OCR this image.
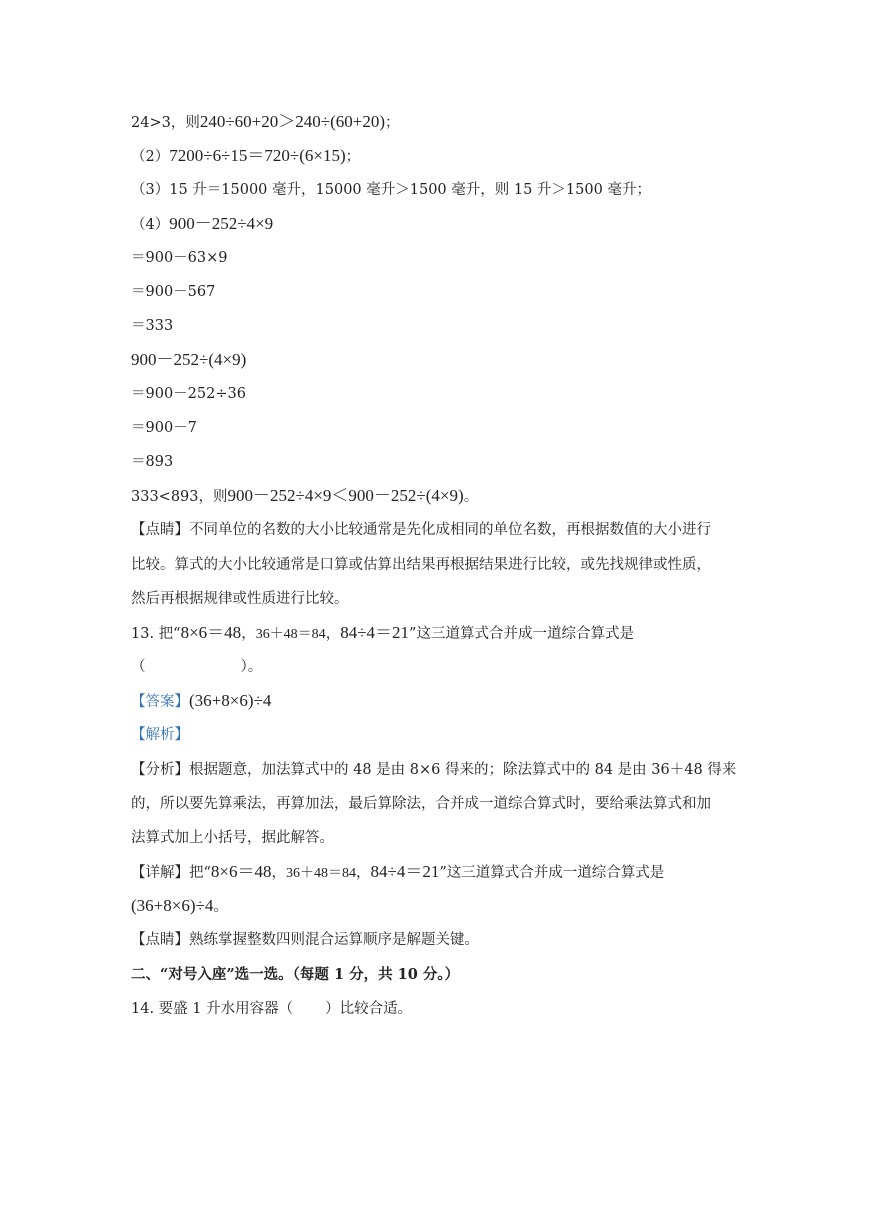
24>3，则240÷60+20＞240÷(60+20)；
（2）7200÷6÷15＝720÷(6×15)；
（3）15 升＝15000 毫升，15000 毫升＞1500 毫升，则 15 升＞1500 毫升；
（4）900－252÷4×9
＝900－63×9
＝900－567
＝333
900－252÷(4×9)
＝900－252÷36
＝900－7
＝893
333<893，则900－252÷4×9＜900－252÷(4×9)。
【点睛】不同单位的名数的大小比较通常是先化成相同的单位名数，再根据数值的大小进行
比较。算式的大小比较通常是口算或估算出结果再根据结果进行比较，或先找规律或性质，
然后再根据规律或性质进行比较。
13. 把“8×6＝48，36＋48＝84，84÷4＝21”这三道算式合并成一道综合算式是
（	）。
【答案】(36+8×6)÷4
【解析】
【分析】根据题意，加法算式中的 48 是由 8×6 得来的；除法算式中的 84 是由 36＋48 得来
的，所以要先算乘法，再算加法，最后算除法，合并成一道综合算式时，要给乘法算式和加
法算式加上小括号，据此解答。
【详解】把“8×6＝48，36＋48＝84，84÷4＝21”这三道算式合并成一道综合算式是
(36+8×6)÷4。
【点睛】熟练掌握整数四则混合运算顺序是解题关键。
二、“对号入座”选一选。（每题 1 分，共 10 分。）
14. 要盛 1 升水用容器（ ）比较合适。
